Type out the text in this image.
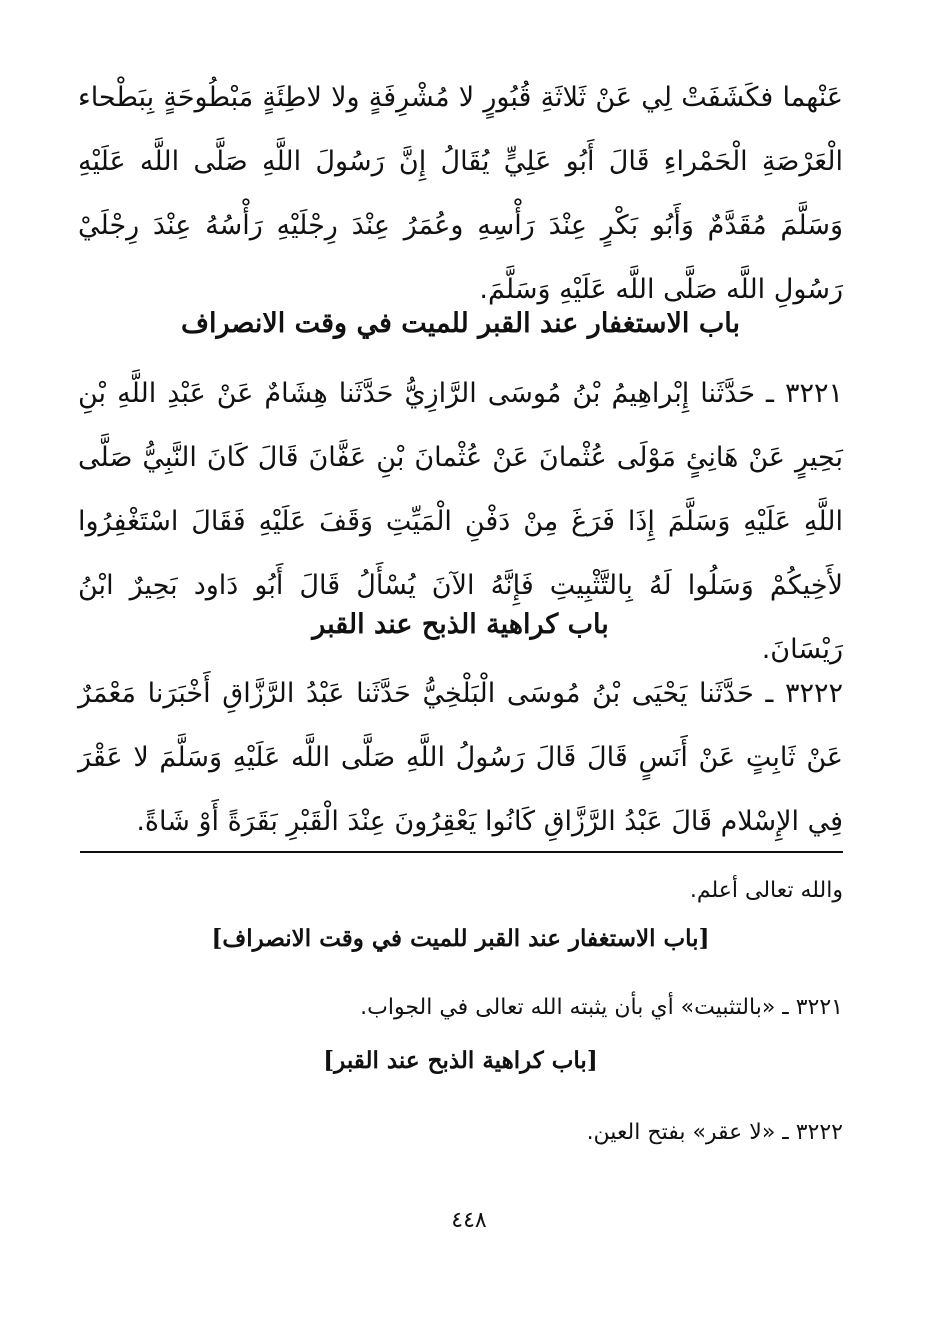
عَنْهما فكَشَفَتْ لِي عَنْ ثَلاثَةِ قُبُورٍ لا مُشْرِفَةٍ ولا لاطِئَةٍ مَبْطُوحَةٍ بِبَطْحاء الْعَرْصَةِ الْحَمْراءِ قَالَ أَبُو عَلِيٍّ يُقَالُ إِنَّ رَسُولَ اللَّهِ صَلَّى اللَّه عَلَيْهِ وَسَلَّمَ مُقَدَّمٌ وَأَبُو بَكْرٍ عِنْدَ رَأْسِهِ وعُمَرُ عِنْدَ رِجْلَيْهِ رَأْسُهُ عِنْدَ رِجْلَيْ رَسُولِ اللَّه صَلَّى اللَّه عَلَيْهِ وَسَلَّمَ.

باب الاستغفار عند القبر للميت في وقت الانصراف

٣٢٢١ ـ حَدَّثَنا إِبْراهِيمُ بْنُ مُوسَى الرَّازِيُّ حَدَّثَنا هِشَامٌ عَنْ عَبْدِ اللَّهِ بْنِ بَحِيرٍ عَنْ هَانِئٍ مَوْلَى عُثْمانَ عَنْ عُثْمانَ بْنِ عَفَّانَ قَالَ كَانَ النَّبِيُّ صَلَّى اللَّهِ عَلَيْهِ وَسَلَّمَ إِذَا فَرَغَ مِنْ دَفْنِ الْمَيِّتِ وَقَفَ عَلَيْهِ فَقَالَ اسْتَغْفِرُوا لأَخِيكُمْ وَسَلُوا لَهُ بِالتَّثْبِيتِ فَإِنَّهُ الآنَ يُسْأَلُ قَالَ أَبُو دَاود بَحِيرٌ ابْنُ رَيْسَانَ.

باب كراهية الذبح عند القبر

٣٢٢٢ ـ حَدَّثَنا يَحْيَى بْنُ مُوسَى الْبَلْخِيُّ حَدَّثَنا عَبْدُ الرَّزَّاقِ أَخْبَرَنا مَعْمَرٌ عَنْ ثَابِتٍ عَنْ أَنَسٍ قَالَ قَالَ رَسُولُ اللَّهِ صَلَّى اللَّه عَلَيْهِ وَسَلَّمَ لا عَقْرَ فِي الإِسْلام قَالَ عَبْدُ الرَّزَّاقِ كَانُوا يَعْقِرُونَ عِنْدَ الْقَبْرِ بَقَرَةً أَوْ شَاةً.

والله تعالى أعلم.

[باب الاستغفار عند القبر للميت في وقت الانصراف]

٣٢٢١ ـ «بالتثبيت» أي بأن يثبته الله تعالى في الجواب.

[باب كراهية الذبح عند القبر]

٣٢٢٢ ـ «لا عقر» بفتح العين.

٤٤٨
